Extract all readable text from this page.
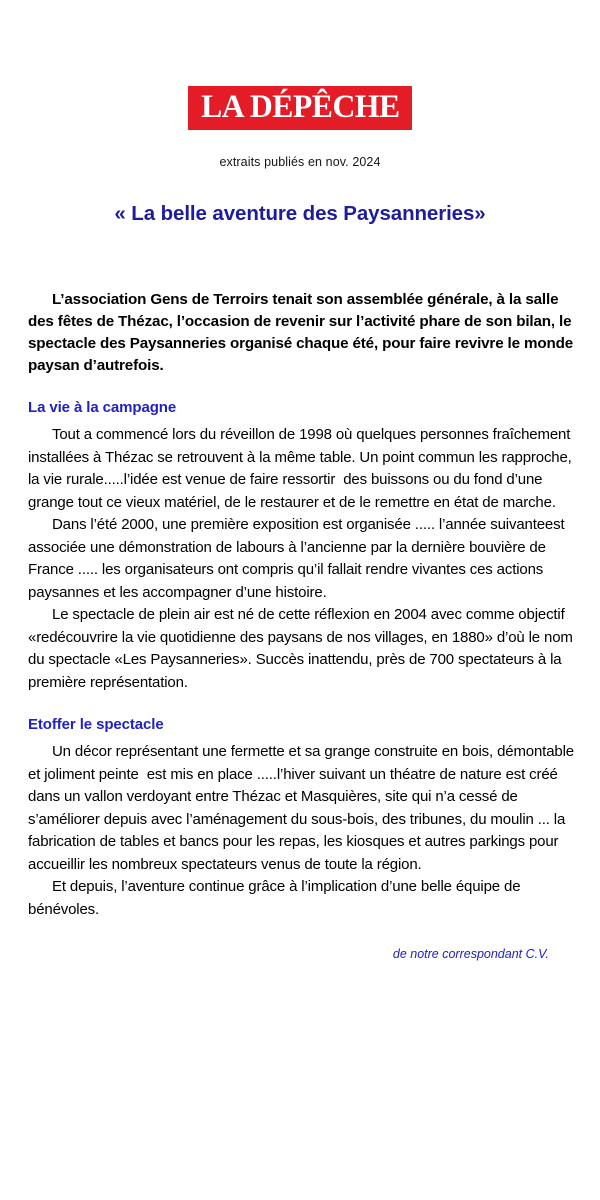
LA DÉPÊCHE
extraits publiés en nov. 2024
« La belle aventure des Paysanneries»

L’association Gens de Terroirs tenait son assemblée générale, à la salle des fêtes de Thézac, l’occasion de revenir sur l’activité phare de son bilan, le spectacle des Paysanneries organisé chaque été, pour faire revivre le monde paysan d’autrefois.

La vie à la campagne

Tout a commencé lors du réveillon de 1998 où quelques personnes fraîchement installées à Thézac se retrouvent à la même table. Un point commun les rapproche, la vie rurale.....l’idée est venue de faire ressortir  des buissons ou du fond d’une grange tout ce vieux matériel, de le restaurer et de le remettre en état de marche.

Dans l’été 2000, une première exposition est organisée ..... l’année suivanteest associée une démonstration de labours à l’ancienne par la dernière bouvière de France ..... les organisateurs ont compris qu’il fallait rendre vivantes ces actions paysannes et les accompagner d’une histoire.

Le spectacle de plein air est né de cette réflexion en 2004 avec comme objectif «redécouvrire la vie quotidienne des paysans de nos villages, en 1880» d’où le nom du spectacle «Les Paysanneries». Succès inattendu, près de 700 spectateurs à la première représentation.

Etoffer le spectacle

Un décor représentant une fermette et sa grange construite en bois, démontable et joliment peinte  est mis en place .....l’hiver suivant un théatre de nature est créé dans un vallon verdoyant entre Thézac et Masquières, site qui n’a cessé de s’améliorer depuis avec l’aménagement du sous-bois, des tribunes, du moulin ... la fabrication de tables et bancs pour les repas, les kiosques et autres parkings pour accueillir les nombreux spectateurs venus de toute la région.

Et depuis, l’aventure continue grâce à l’implication d’une belle équipe de bénévoles.

de notre correspondant C.V.
